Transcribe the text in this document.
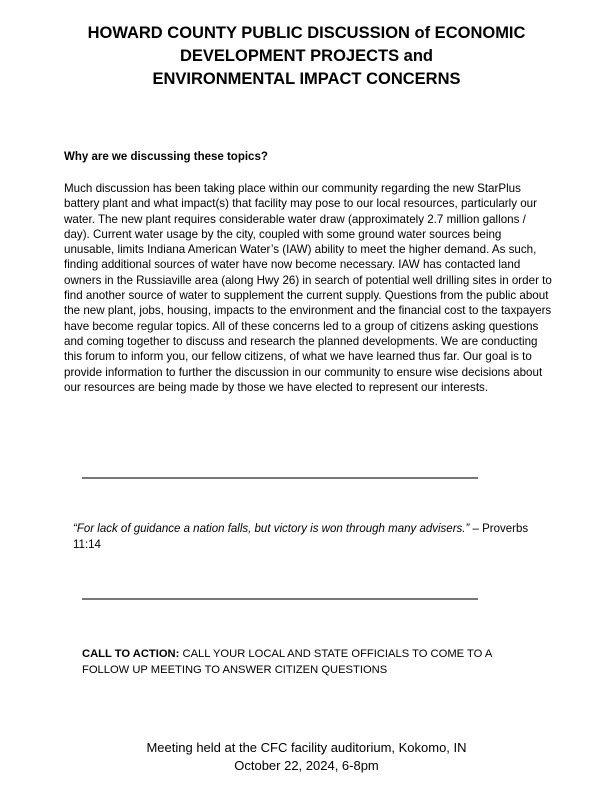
HOWARD COUNTY PUBLIC DISCUSSION of ECONOMIC
DEVELOPMENT PROJECTS and
ENVIRONMENTAL IMPACT CONCERNS

Why are we discussing these topics?

Much discussion has been taking place within our community regarding the new StarPlus battery plant and what impact(s) that facility may pose to our local resources, particularly our water. The new plant requires considerable water draw (approximately 2.7 million gallons / day). Current water usage by the city, coupled with some ground water sources being unusable, limits Indiana American Water’s (IAW) ability to meet the higher demand. As such, finding additional sources of water have now become necessary. IAW has contacted land owners in the Russiaville area (along Hwy 26) in search of potential well drilling sites in order to find another source of water to supplement the current supply. Questions from the public about the new plant, jobs, housing, impacts to the environment and the financial cost to the taxpayers have become regular topics. All of these concerns led to a group of citizens asking questions and coming together to discuss and research the planned developments. We are conducting this forum to inform you, our fellow citizens, of what we have learned thus far. Our goal is to provide information to further the discussion in our community to ensure wise decisions about our resources are being made by those we have elected to represent our interests.

“For lack of guidance a nation falls, but victory is won through many advisers.” – Proverbs 11:14

CALL TO ACTION: CALL YOUR LOCAL AND STATE OFFICIALS TO COME TO A FOLLOW UP MEETING TO ANSWER CITIZEN QUESTIONS

Meeting held at the CFC facility auditorium, Kokomo, IN
October 22, 2024, 6-8pm
